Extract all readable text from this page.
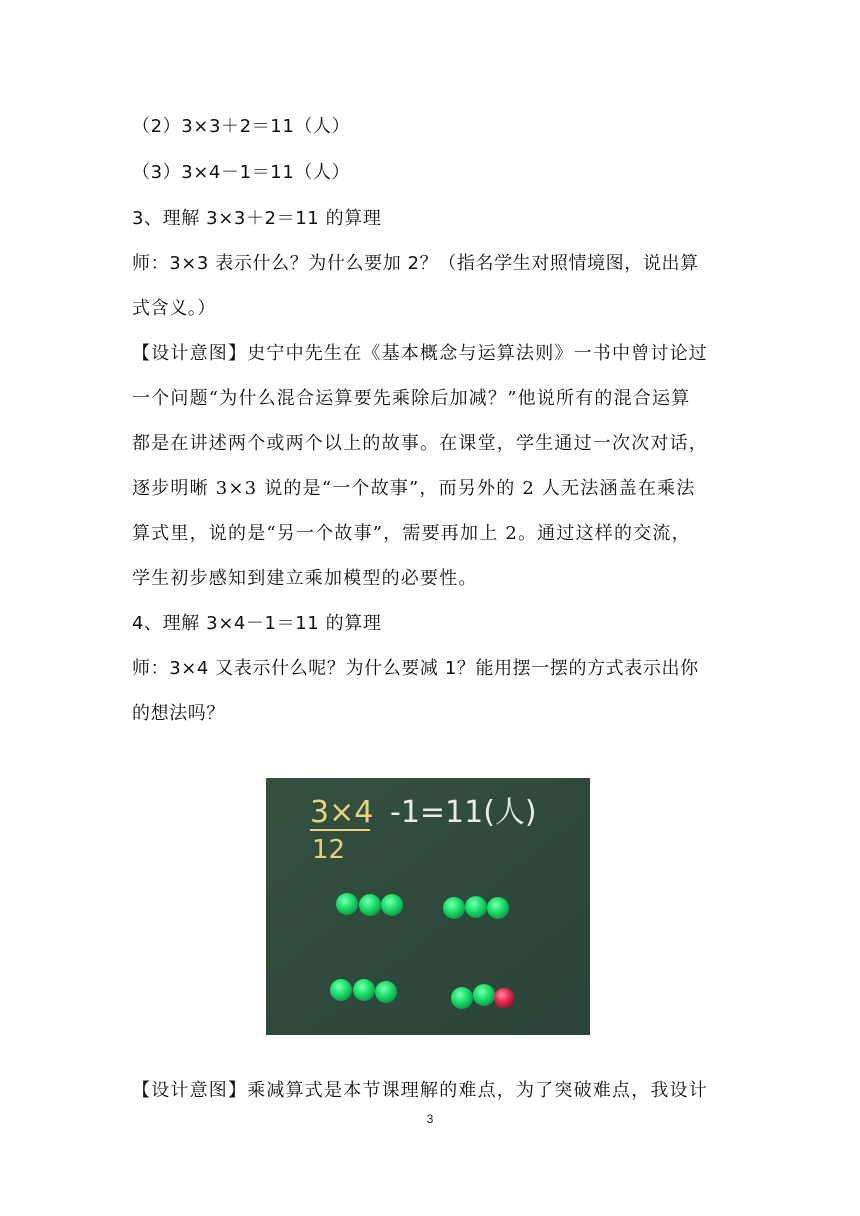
（2）3×3＋2＝11（人）
（3）3×4－1＝11（人）
3、理解 3×3＋2＝11 的算理
师：3×3 表示什么？为什么要加 2？（指名学生对照情境图，说出算
式含义。）
【设计意图】史宁中先生在《基本概念与运算法则》一书中曾讨论过
一个问题“为什么混合运算要先乘除后加减？”他说所有的混合运算
都是在讲述两个或两个以上的故事。在课堂，学生通过一次次对话，
逐步明晰 3×3 说的是“一个故事”，而另外的 2 人无法涵盖在乘法
算式里，说的是“另一个故事”，需要再加上 2。通过这样的交流，
学生初步感知到建立乘加模型的必要性。
4、理解 3×4－1＝11 的算理
师：3×4 又表示什么呢？为什么要减 1？能用摆一摆的方式表示出你
的想法吗？
3×4 -1=11(人)
12
【设计意图】乘减算式是本节课理解的难点，为了突破难点，我设计
3
